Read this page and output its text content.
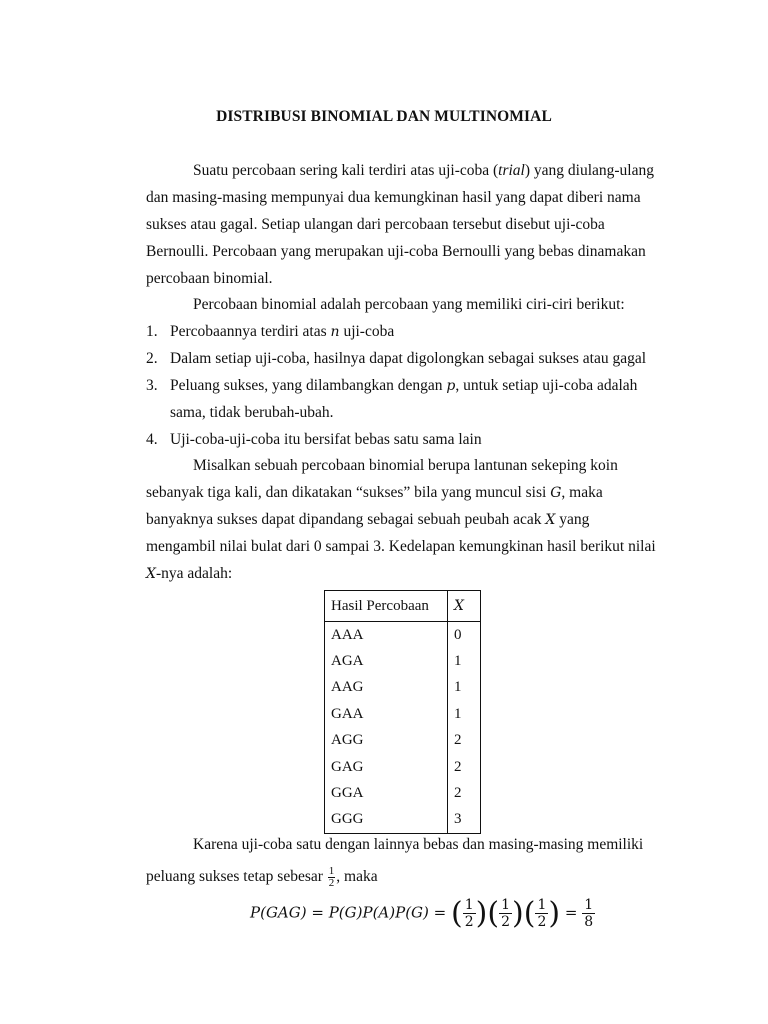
DISTRIBUSI BINOMIAL DAN MULTINOMIAL
Suatu percobaan sering kali terdiri atas uji-coba (trial) yang diulang-ulang
dan masing-masing mempunyai dua kemungkinan hasil yang dapat diberi nama
sukses atau gagal. Setiap ulangan dari percobaan tersebut disebut uji-coba
Bernoulli. Percobaan yang merupakan uji-coba Bernoulli yang bebas dinamakan
percobaan binomial.
Percobaan binomial adalah percobaan yang memiliki ciri-ciri berikut:
1. Percobaannya terdiri atas n uji-coba
2. Dalam setiap uji-coba, hasilnya dapat digolongkan sebagai sukses atau gagal
3. Peluang sukses, yang dilambangkan dengan p, untuk setiap uji-coba adalah
sama, tidak berubah-ubah.
4. Uji-coba-uji-coba itu bersifat bebas satu sama lain
Misalkan sebuah percobaan binomial berupa lantunan sekeping koin
sebanyak tiga kali, dan dikatakan “sukses” bila yang muncul sisi G, maka
banyaknya sukses dapat dipandang sebagai sebuah peubah acak X yang
mengambil nilai bulat dari 0 sampai 3. Kedelapan kemungkinan hasil berikut nilai
X-nya adalah:
Hasil Percobaan	X
AAA	0
AGA	1
AAG	1
GAA	1
AGG	2
GAG	2
GGA	2
GGG	3
Karena uji-coba satu dengan lainnya bebas dan masing-masing memiliki
peluang sukses tetap sebesar $\frac{1}{2}$ , maka
P(GAG) = P(G)P(A)P(G) = ( $\frac{1}{2}$ )( $\frac{1}{2}$ )( $\frac{1}{2}$ ) = $\frac{1}{8}$
